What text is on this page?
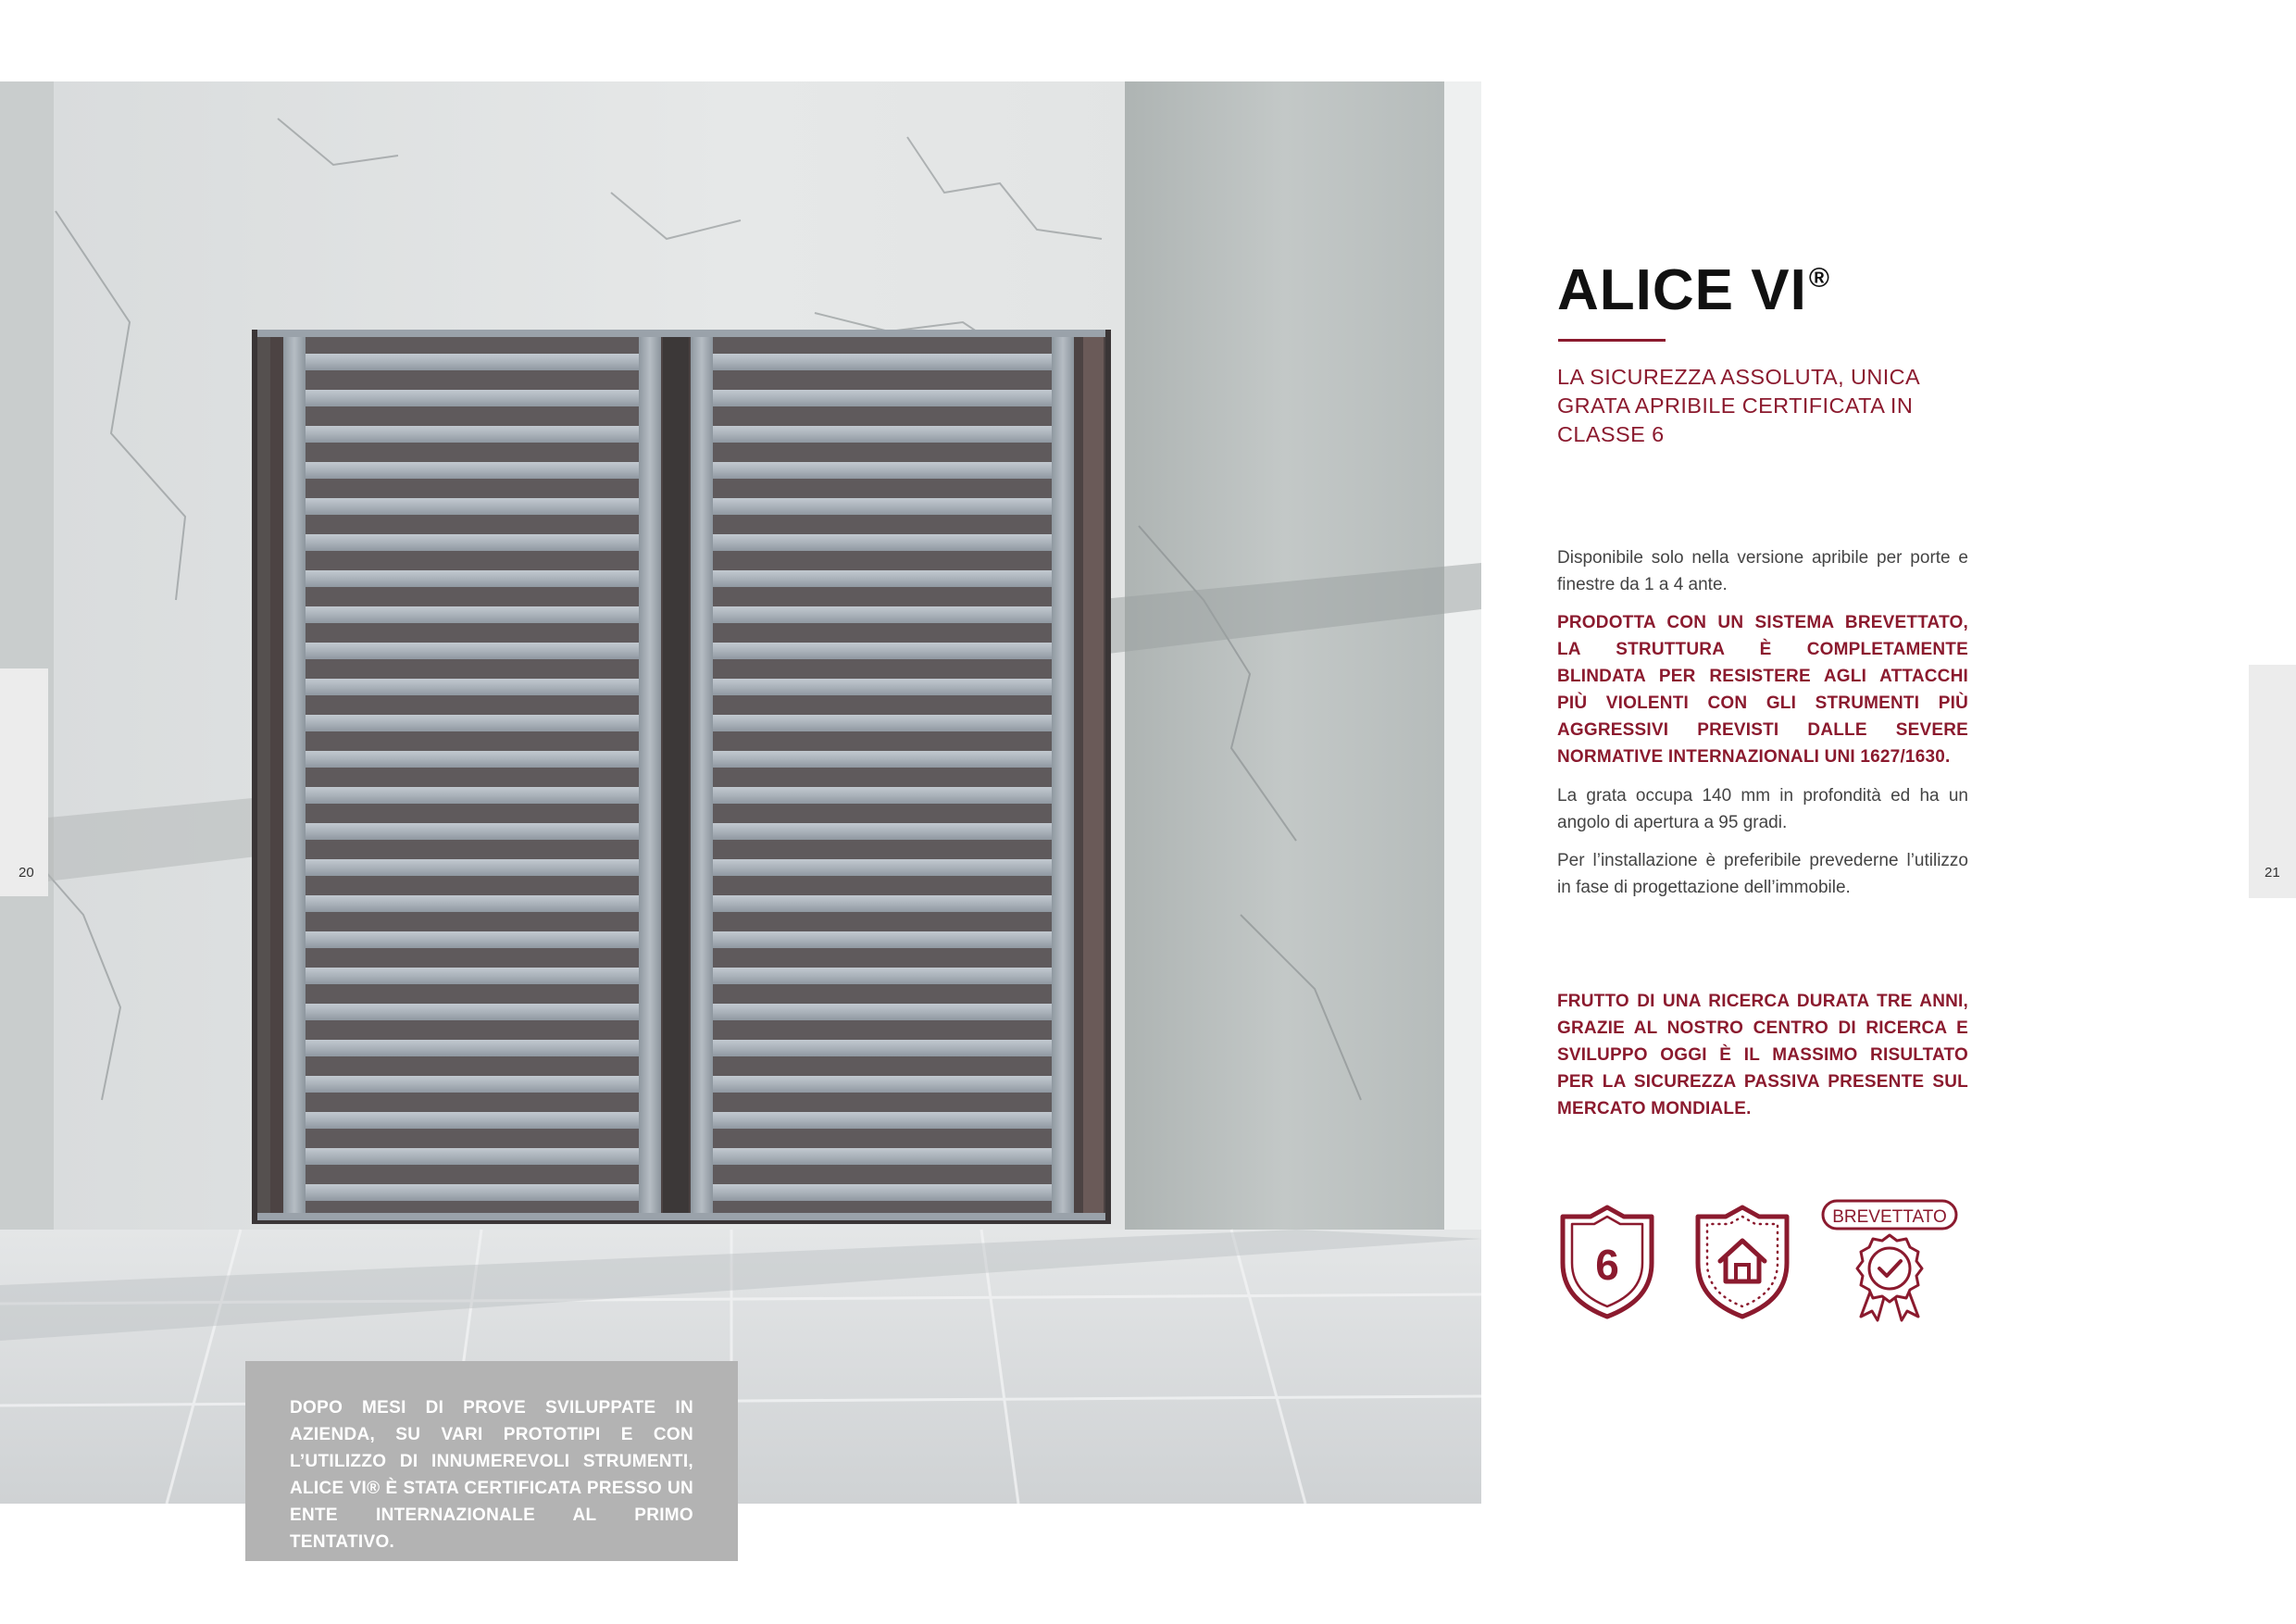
DOPO MESI DI PROVE SVILUPPATE IN AZIENDA, SU VARI PROTOTIPI E CON L’UTILIZZO DI INNUMEREVOLI STRUMENTI, ALICE VI® È STATA CERTIFICATA PRESSO UN ENTE INTERNAZIONALE AL PRIMO TENTATIVO.

20	21
ALICE VI®
LA SICUREZZA ASSOLUTA, UNICA GRATA APRIBILE CERTIFICATA IN CLASSE 6
Disponibile solo nella versione apribile per porte e finestre da 1 a 4 ante.
PRODOTTA CON UN SISTEMA BREVETTATO, LA STRUTTURA È COMPLETAMENTE BLINDATA PER RESISTERE AGLI ATTACCHI PIÙ VIOLENTI CON GLI STRUMENTI PIÙ AGGRESSIVI PREVISTI DALLE SEVERE NORMATIVE INTERNAZIONALI UNI 1627/1630.
La grata occupa 140 mm in profondità ed ha un angolo di apertura a 95 gradi.
Per l’installazione è preferibile prevederne l’utilizzo in fase di progettazione dell’immobile.
FRUTTO DI UNA RICERCA DURATA TRE ANNI, GRAZIE AL NOSTRO CENTRO DI RICERCA E SVILUPPO OGGI È IL MASSIMO RISULTATO PER LA SICUREZZA PASSIVA PRESENTE SUL MERCATO MONDIALE.
6
BREVETTATO
